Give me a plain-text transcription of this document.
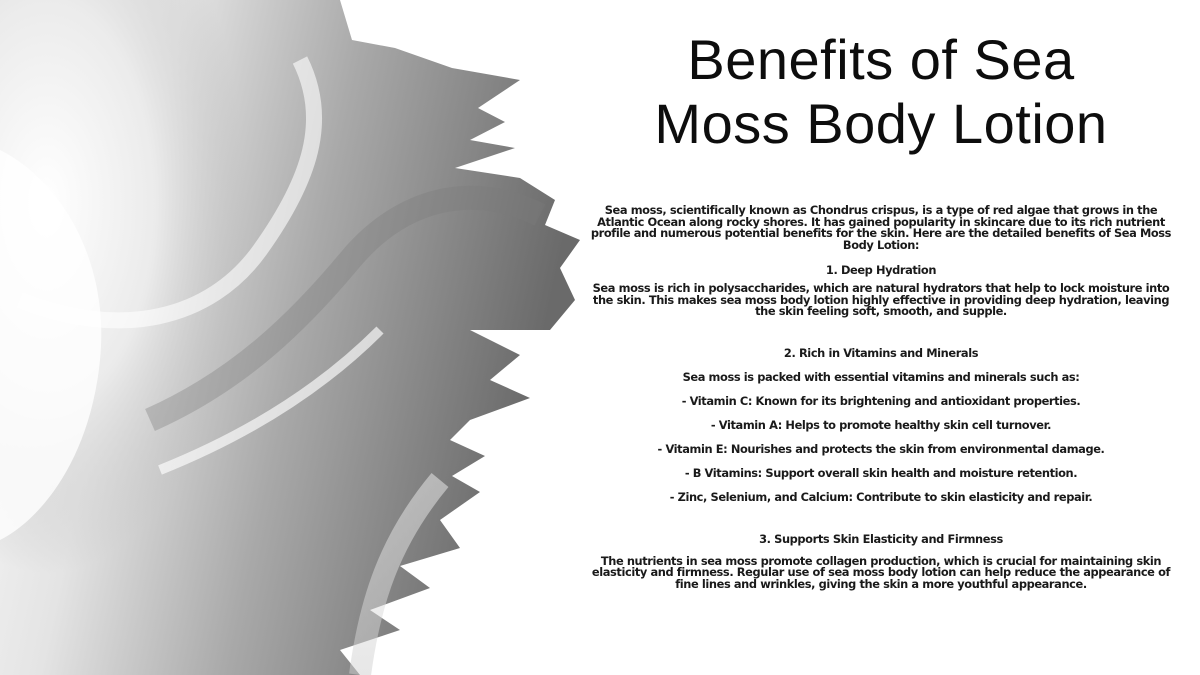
Benefits of Sea
Moss Body Lotion

Sea moss, scientifically known as Chondrus crispus, is a type of red algae that grows in the Atlantic Ocean along rocky shores. It has gained popularity in skincare due to its rich nutrient profile and numerous potential benefits for the skin. Here are the detailed benefits of Sea Moss Body Lotion:

1. Deep Hydration

Sea moss is rich in polysaccharides, which are natural hydrators that help to lock moisture into the skin. This makes sea moss body lotion highly effective in providing deep hydration, leaving the skin feeling soft, smooth, and supple.

2. Rich in Vitamins and Minerals

Sea moss is packed with essential vitamins and minerals such as:

- Vitamin C: Known for its brightening and antioxidant properties.

- Vitamin A: Helps to promote healthy skin cell turnover.

- Vitamin E: Nourishes and protects the skin from environmental damage.

- B Vitamins: Support overall skin health and moisture retention.

- Zinc, Selenium, and Calcium: Contribute to skin elasticity and repair.

3. Supports Skin Elasticity and Firmness

The nutrients in sea moss promote collagen production, which is crucial for maintaining skin elasticity and firmness. Regular use of sea moss body lotion can help reduce the appearance of fine lines and wrinkles, giving the skin a more youthful appearance.
